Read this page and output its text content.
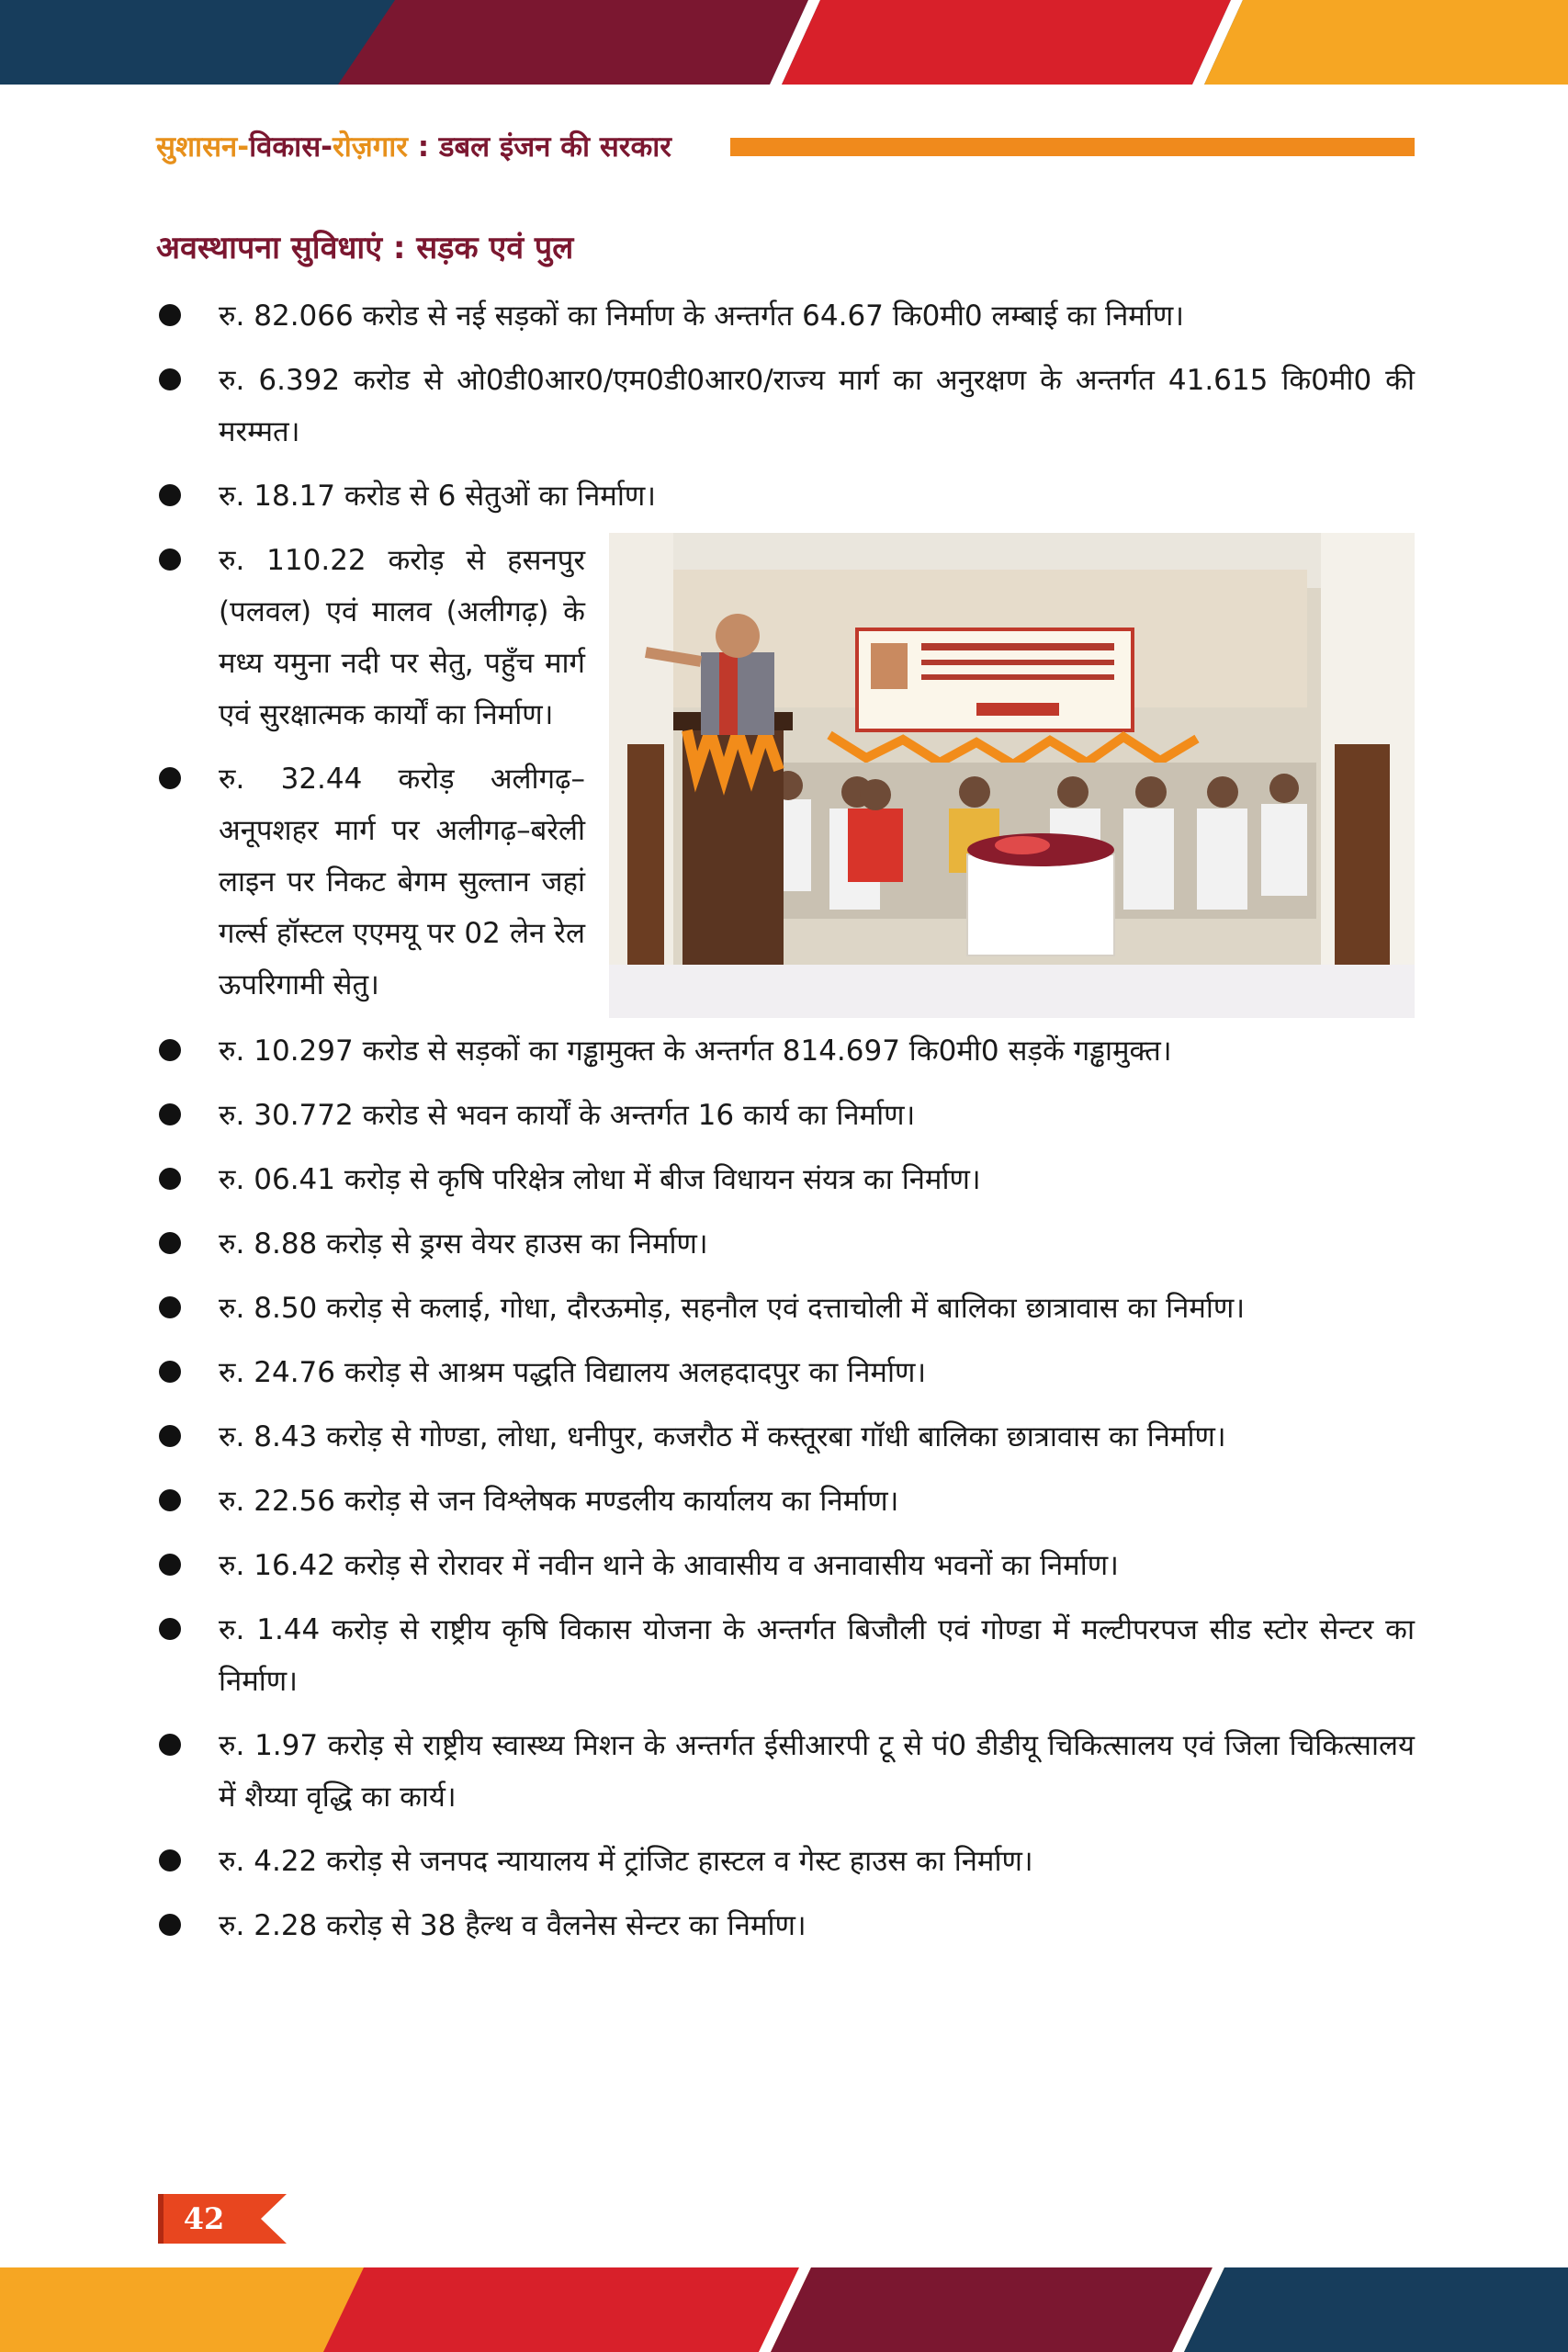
सुशासन-विकास-रोज़गार : डबल इंजन की सरकार
अवस्थापना सुविधाएं : सड़क एवं पुल
रु. 82.066 करोड से नई सड़कों का निर्माण के अन्तर्गत 64.67 कि0मी0 लम्बाई का निर्माण।
रु. 6.392 करोड से ओ0डी0आर0/एम0डी0आर0/राज्य मार्ग का अनुरक्षण के अन्तर्गत 41.615 कि0मी0 की मरम्मत।
रु. 18.17 करोड से 6 सेतुओं का निर्माण।
रु. 110.22 करोड़ से हसनपुर (पलवल) एवं मालव (अलीगढ़) के मध्य यमुना नदी पर सेतु, पहुँच मार्ग एवं सुरक्षात्मक कार्यों का निर्माण।
रु. 32.44 करोड़ अलीगढ़–अनूपशहर मार्ग पर अलीगढ़–बरेली लाइन पर निकट बेगम सुल्तान जहां गर्ल्स हॉस्टल एएमयू पर 02 लेन रेल ऊपरिगामी सेतु।
रु. 10.297 करोड से सड़कों का गड्ढामुक्त के अन्तर्गत 814.697 कि0मी0 सड़कें गड्ढामुक्त।
रु. 30.772 करोड से भवन कार्यों के अन्तर्गत 16 कार्य का निर्माण।
रु. 06.41 करोड़ से कृषि परिक्षेत्र लोधा में बीज विधायन संयत्र का निर्माण।
रु. 8.88 करोड़ से ड्रग्स वेयर हाउस का निर्माण।
रु. 8.50 करोड़ से कलाई, गोधा, दौरऊमोड़, सहनौल एवं दत्ताचोली में बालिका छात्रावास का निर्माण।
रु. 24.76 करोड़ से आश्रम पद्धति विद्यालय अलहदादपुर का निर्माण।
रु. 8.43 करोड़ से गोण्डा, लोधा, धनीपुर, कजरौठ में कस्तूरबा गॉधी बालिका छात्रावास का निर्माण।
रु. 22.56 करोड़ से जन विश्लेषक मण्डलीय कार्यालय का निर्माण।
रु. 16.42 करोड़ से रोरावर में नवीन थाने के आवासीय व अनावासीय भवनों का निर्माण।
रु. 1.44 करोड़ से राष्ट्रीय कृषि विकास योजना के अन्तर्गत बिजौली एवं गोण्डा में मल्टीपरपज सीड स्टोर सेन्टर का निर्माण।
रु. 1.97 करोड़ से राष्ट्रीय स्वास्थ्य मिशन के अन्तर्गत ईसीआरपी टू से पं0 डीडीयू चिकित्सालय एवं जिला चिकित्सालय में शैय्या वृद्धि का कार्य।
रु. 4.22 करोड़ से जनपद न्यायालय में ट्रांजिट हास्टल व गेस्ट हाउस का निर्माण।
रु. 2.28 करोड़ से 38 हैल्थ व वैलनेस सेन्टर का निर्माण।
42
